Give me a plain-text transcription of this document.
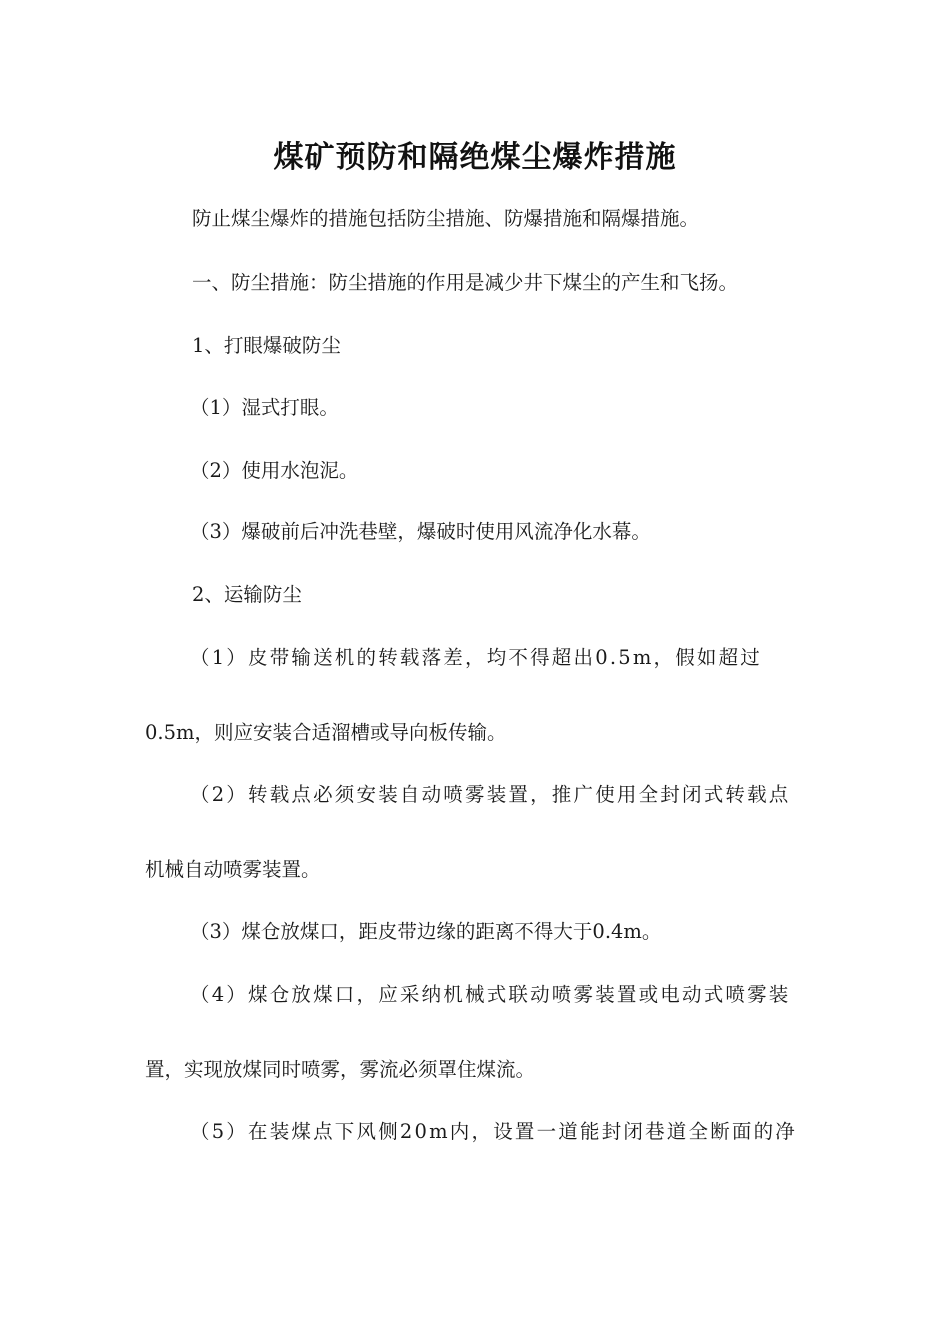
煤矿预防和隔绝煤尘爆炸措施
防止煤尘爆炸的措施包括防尘措施、防爆措施和隔爆措施。
一、防尘措施：防尘措施的作用是减少井下煤尘的产生和飞扬。
1、打眼爆破防尘
（1）湿式打眼。
（2）使用水泡泥。
（3）爆破前后冲洗巷壁，爆破时使用风流净化水幕。
2、运输防尘
（1）皮带输送机的转载落差，均不得超出0.5m，假如超过
0.5m，则应安装合适溜槽或导向板传输。
（2）转载点必须安装自动喷雾装置，推广使用全封闭式转载点
机械自动喷雾装置。
（3）煤仓放煤口，距皮带边缘的距离不得大于0.4m。
（4）煤仓放煤口，应采纳机械式联动喷雾装置或电动式喷雾装
置，实现放煤同时喷雾，雾流必须罩住煤流。
（5）在装煤点下风侧20m内，设置一道能封闭巷道全断面的净
